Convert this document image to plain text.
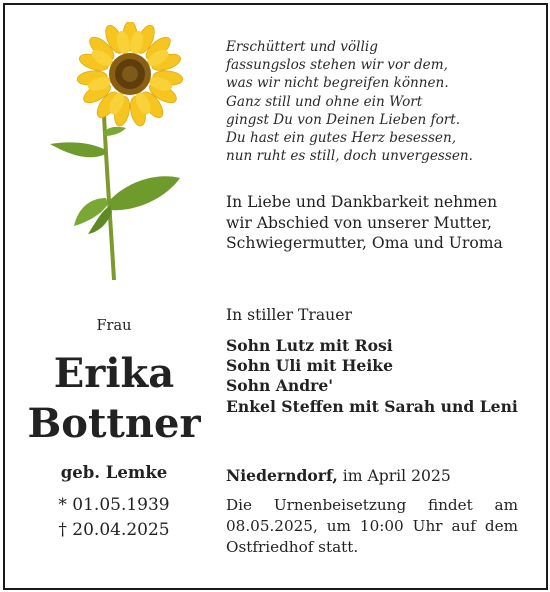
Erschüttert und völlig
fassungslos stehen wir vor dem,
was wir nicht begreifen können.
Ganz still und ohne ein Wort
gingst Du von Deinen Lieben fort.
Du hast ein gutes Herz besessen,
nun ruht es still, doch unvergessen.
In Liebe und Dankbarkeit nehmen
wir Abschied von unserer Mutter,
Schwiegermutter, Oma und Uroma
Frau
Erika
Bottner
geb. Lemke
* 01.05.1939
† 20.04.2025
In stiller Trauer
Sohn Lutz mit Rosi
Sohn Uli mit Heike
Sohn Andre'
Enkel Steffen mit Sarah und Leni
Niederndorf, im April 2025
Die Urnenbeisetzung findet am
08.05.2025, um 10:00 Uhr auf dem
Ostfriedhof statt.
